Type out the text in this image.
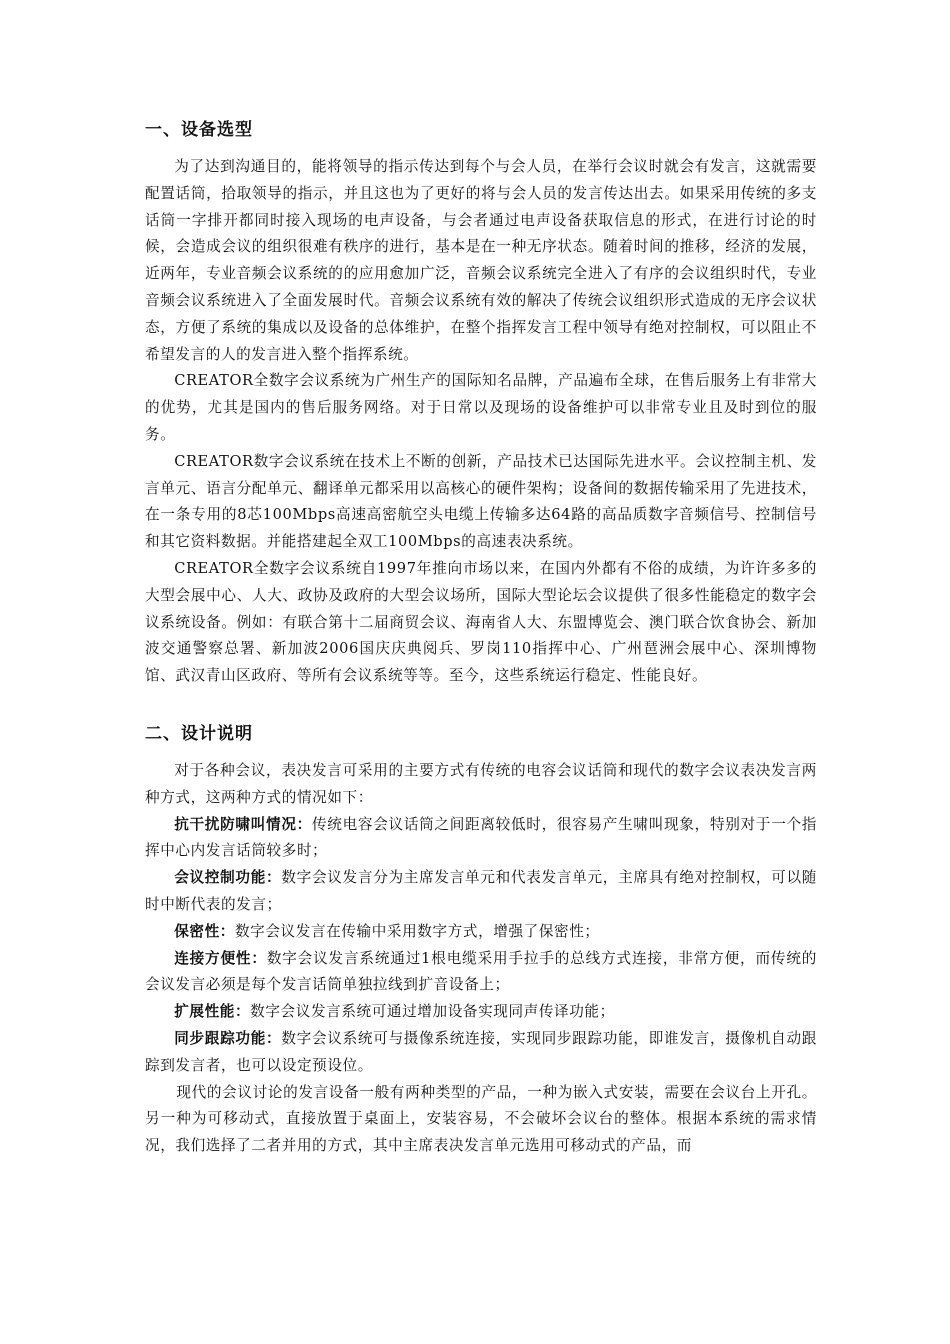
一、设备选型

为了达到沟通目的，能将领导的指示传达到每个与会人员，在举行会议时就会有发言，这就需要配置话筒，拾取领导的指示，并且这也为了更好的将与会人员的发言传达出去。如果采用传统的多支话筒一字排开都同时接入现场的电声设备，与会者通过电声设备获取信息的形式，在进行讨论的时候，会造成会议的组织很难有秩序的进行，基本是在一种无序状态。随着时间的推移，经济的发展，近两年，专业音频会议系统的的应用愈加广泛，音频会议系统完全进入了有序的会议组织时代，专业音频会议系统进入了全面发展时代。音频会议系统有效的解决了传统会议组织形式造成的无序会议状态，方便了系统的集成以及设备的总体维护，在整个指挥发言工程中领导有绝对控制权，可以阻止不希望发言的人的发言进入整个指挥系统。

CREATOR全数字会议系统为广州生产的国际知名品牌，产品遍布全球，在售后服务上有非常大的优势，尤其是国内的售后服务网络。对于日常以及现场的设备维护可以非常专业且及时到位的服务。

CREATOR数字会议系统在技术上不断的创新，产品技术已达国际先进水平。会议控制主机、发言单元、语言分配单元、翻译单元都采用以高核心的硬件架构；设备间的数据传输采用了先进技术，在一条专用的8芯100Mbps高速高密航空头电缆上传输多达64路的高品质数字音频信号、控制信号和其它资料数据。并能搭建起全双工100Mbps的高速表决系统。

CREATOR全数字会议系统自1997年推向市场以来，在国内外都有不俗的成绩，为许许多多的大型会展中心、人大、政协及政府的大型会议场所，国际大型论坛会议提供了很多性能稳定的数字会议系统设备。例如：有联合第十二届商贸会议、海南省人大、东盟博览会、澳门联合饮食协会、新加波交通警察总署、新加波2006国庆庆典阅兵、罗岗110指挥中心、广州琶洲会展中心、深圳博物馆、武汉青山区政府、等所有会议系统等等。至今，这些系统运行稳定、性能良好。

二、设计说明

对于各种会议，表决发言可采用的主要方式有传统的电容会议话筒和现代的数字会议表决发言两种方式，这两种方式的情况如下：

抗干扰防啸叫情况：传统电容会议话筒之间距离较低时，很容易产生啸叫现象，特别对于一个指挥中心内发言话筒较多时；

会议控制功能：数字会议发言分为主席发言单元和代表发言单元，主席具有绝对控制权，可以随时中断代表的发言；

保密性：数字会议发言在传输中采用数字方式，增强了保密性；

连接方便性：数字会议发言系统通过1根电缆采用手拉手的总线方式连接，非常方便，而传统的会议发言必须是每个发言话筒单独拉线到扩音设备上；

扩展性能：数字会议发言系统可通过增加设备实现同声传译功能；

同步跟踪功能：数字会议系统可与摄像系统连接，实现同步跟踪功能，即谁发言，摄像机自动跟踪到发言者，也可以设定预设位。

现代的会议讨论的发言设备一般有两种类型的产品，一种为嵌入式安装，需要在会议台上开孔。另一种为可移动式，直接放置于桌面上，安装容易，不会破坏会议台的整体。根据本系统的需求情况，我们选择了二者并用的方式，其中主席表决发言单元选用可移动式的产品，而
